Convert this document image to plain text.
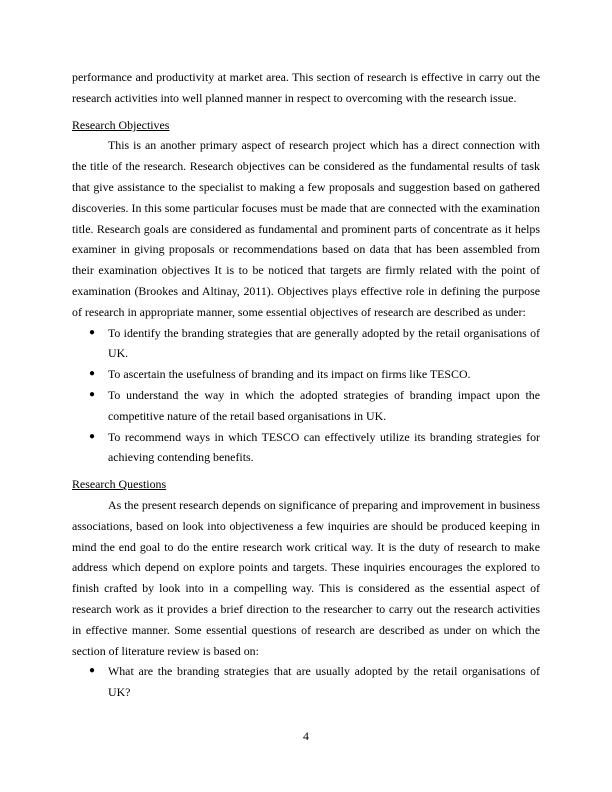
performance and productivity at market area. This section of research is effective in carry out the research activities into well planned manner in respect to overcoming with the research issue.

Research Objectives

This is an another primary aspect of research project which has a direct connection with the title of the research. Research objectives can be considered as the fundamental results of task that give assistance to the specialist to making a few proposals and suggestion based on gathered discoveries. In this some particular focuses must be made that are connected with the examination title. Research goals are considered as fundamental and prominent parts of concentrate as it helps examiner in giving proposals or recommendations based on data that has been assembled from their examination objectives It is to be noticed that targets are firmly related with the point of examination (Brookes and Altinay, 2011). Objectives plays effective role in defining the purpose of research in appropriate manner, some essential objectives of research are described as under:

● To identify the branding strategies that are generally adopted by the retail organisations of UK.
● To ascertain the usefulness of branding and its impact on firms like TESCO.
● To understand the way in which the adopted strategies of branding impact upon the competitive nature of the retail based organisations in UK.
● To recommend ways in which TESCO can effectively utilize its branding strategies for achieving contending benefits.
Research Questions

As the present research depends on significance of preparing and improvement in business associations, based on look into objectiveness a few inquiries are should be produced keeping in mind the end goal to do the entire research work critical way. It is the duty of research to make address which depend on explore points and targets. These inquiries encourages the explored to finish crafted by look into in a compelling way. This is considered as the essential aspect of research work as it provides a brief direction to the researcher to carry out the research activities in effective manner. Some essential questions of research are described as under on which the section of literature review is based on:

● What are the branding strategies that are usually adopted by the retail organisations of UK?
4
